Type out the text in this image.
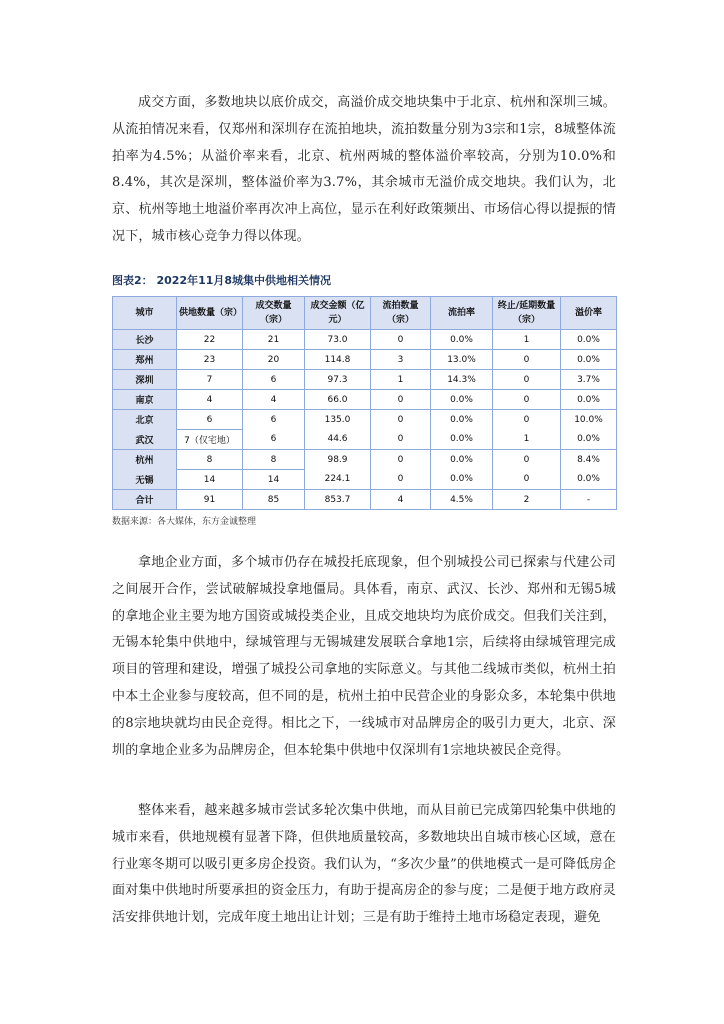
成交方面，多数地块以底价成交，高溢价成交地块集中于北京、杭州和深圳三城。从流拍情况来看，仅郑州和深圳存在流拍地块，流拍数量分别为3宗和1宗，8城整体流拍率为4.5%；从溢价率来看，北京、杭州两城的整体溢价率较高，分别为10.0%和8.4%，其次是深圳，整体溢价率为3.7%，其余城市无溢价成交地块。我们认为，北京、杭州等地土地溢价率再次冲上高位，显示在利好政策频出、市场信心得以提振的情况下，城市核心竞争力得以体现。

图表2： 2022年11月8城集中供地相关情况
城市	供地数量（宗）	成交数量（宗）	成交金额（亿元）	流拍数量（宗）	流拍率	终止/延期数量（宗）	溢价率
长沙	22	21	73.0	0	0.0%	1	0.0%
郑州	23	20	114.8	3	13.0%	0	0.0%
深圳	7	6	97.3	1	14.3%	0	3.7%
南京	4	4	66.0	0	0.0%	0	0.0%
北京	6	6	135.0	0	0.0%	0	10.0%
武汉	7（仅宅地）	6	44.6	0	0.0%	1	0.0%
杭州	8	8	98.9	0	0.0%	0	8.4%
无锡	14	14	224.1	0	0.0%	0	0.0%
合计	91	85	853.7	4	4.5%	2	-
数据来源：各大媒体，东方金诚整理

拿地企业方面，多个城市仍存在城投托底现象，但个别城投公司已探索与代建公司之间展开合作，尝试破解城投拿地僵局。具体看，南京、武汉、长沙、郑州和无锡5城的拿地企业主要为地方国资或城投类企业，且成交地块均为底价成交。但我们关注到，无锡本轮集中供地中，绿城管理与无锡城建发展联合拿地1宗，后续将由绿城管理完成项目的管理和建设，增强了城投公司拿地的实际意义。与其他二线城市类似，杭州土拍中本土企业参与度较高，但不同的是，杭州土拍中民营企业的身影众多，本轮集中供地的8宗地块就均由民企竞得。相比之下，一线城市对品牌房企的吸引力更大，北京、深圳的拿地企业多为品牌房企，但本轮集中供地中仅深圳有1宗地块被民企竞得。

整体来看，越来越多城市尝试多轮次集中供地，而从目前已完成第四轮集中供地的城市来看，供地规模有显著下降，但供地质量较高，多数地块出自城市核心区域，意在行业寒冬期可以吸引更多房企投资。我们认为，“多次少量”的供地模式一是可降低房企面对集中供地时所要承担的资金压力，有助于提高房企的参与度；二是便于地方政府灵活安排供地计划，完成年度土地出让计划；三是有助于维持土地市场稳定表现，避免
